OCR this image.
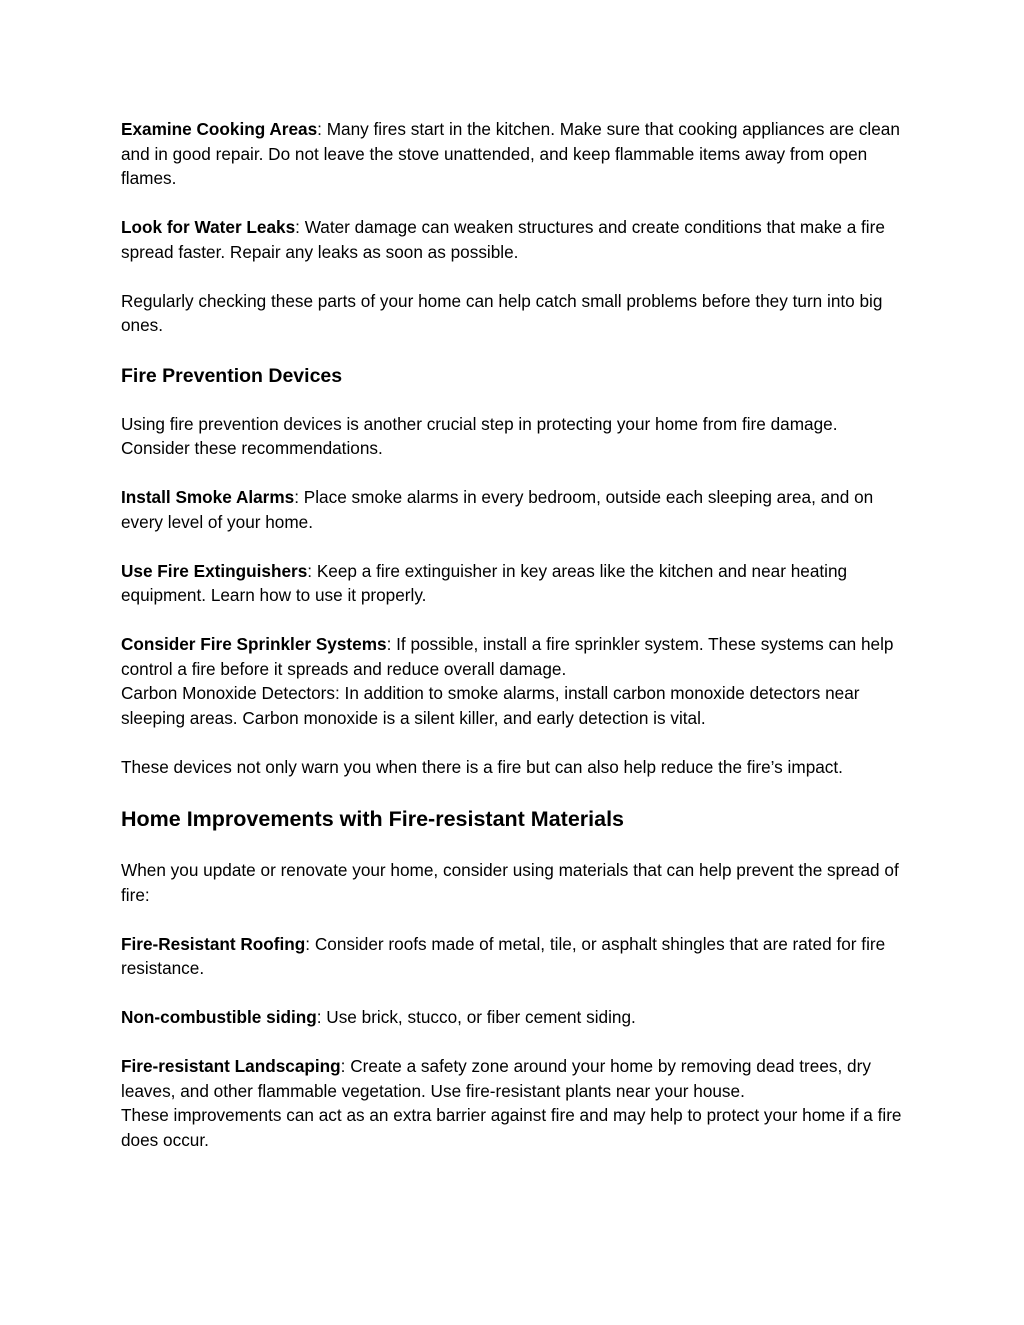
Examine Cooking Areas: Many fires start in the kitchen. Make sure that cooking appliances are clean and in good repair. Do not leave the stove unattended, and keep flammable items away from open flames.

Look for Water Leaks: Water damage can weaken structures and create conditions that make a fire spread faster. Repair any leaks as soon as possible.

Regularly checking these parts of your home can help catch small problems before they turn into big ones.

Fire Prevention Devices

Using fire prevention devices is another crucial step in protecting your home from fire damage. Consider these recommendations.

Install Smoke Alarms: Place smoke alarms in every bedroom, outside each sleeping area, and on every level of your home.

Use Fire Extinguishers: Keep a fire extinguisher in key areas like the kitchen and near heating equipment. Learn how to use it properly.

Consider Fire Sprinkler Systems: If possible, install a fire sprinkler system. These systems can help control a fire before it spreads and reduce overall damage.

Carbon Monoxide Detectors: In addition to smoke alarms, install carbon monoxide detectors near sleeping areas. Carbon monoxide is a silent killer, and early detection is vital.

These devices not only warn you when there is a fire but can also help reduce the fire’s impact.

Home Improvements with Fire-resistant Materials

When you update or renovate your home, consider using materials that can help prevent the spread of fire:

Fire-Resistant Roofing: Consider roofs made of metal, tile, or asphalt shingles that are rated for fire resistance.

Non-combustible siding: Use brick, stucco, or fiber cement siding.

Fire-resistant Landscaping: Create a safety zone around your home by removing dead trees, dry leaves, and other flammable vegetation. Use fire-resistant plants near your house.

These improvements can act as an extra barrier against fire and may help to protect your home if a fire does occur.
